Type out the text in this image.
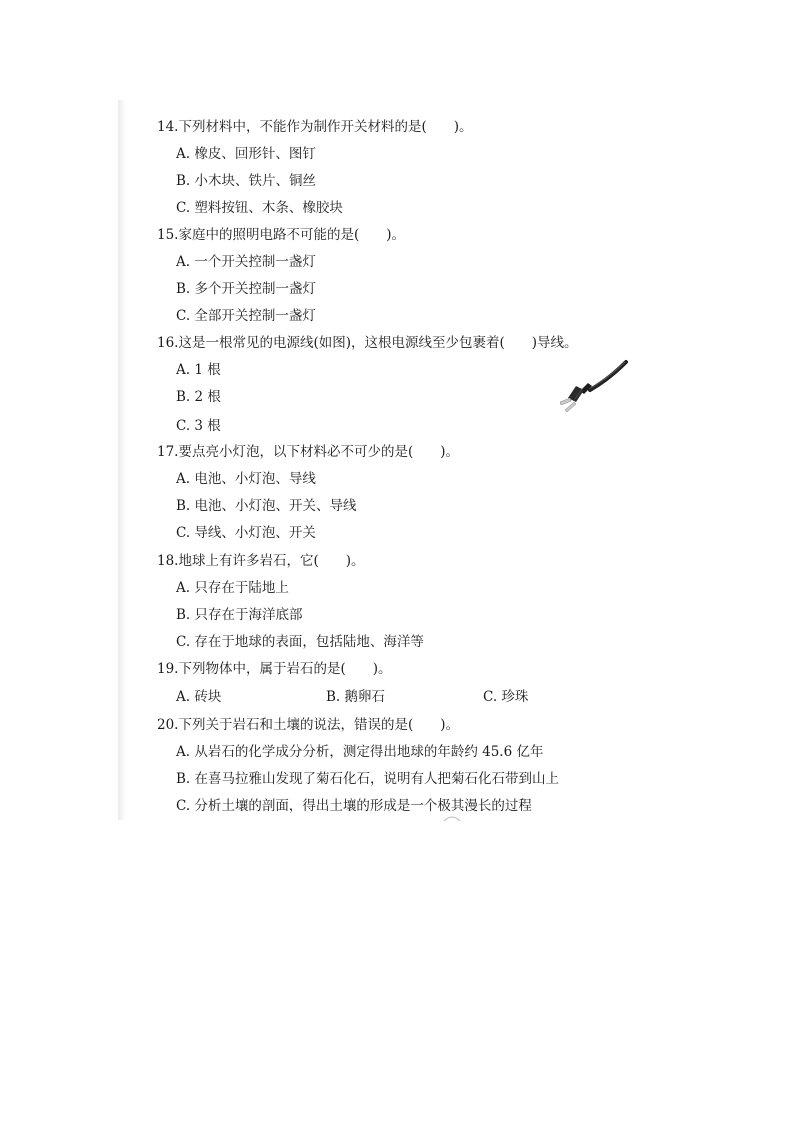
14.下列材料中，不能作为制作开关材料的是(　　)。
A. 橡皮、回形针、图钉
B. 小木块、铁片、铜丝
C. 塑料按钮、木条、橡胶块
15.家庭中的照明电路不可能的是(　　)。
A. 一个开关控制一盏灯
B. 多个开关控制一盏灯
C. 全部开关控制一盏灯
16.这是一根常见的电源线(如图)，这根电源线至少包裹着(　　)导线。
A. 1 根
B. 2 根
C. 3 根
17.要点亮小灯泡，以下材料必不可少的是(　　)。
A. 电池、小灯泡、导线
B. 电池、小灯泡、开关、导线
C. 导线、小灯泡、开关
18.地球上有许多岩石，它(　　)。
A. 只存在于陆地上
B. 只存在于海洋底部
C. 存在于地球的表面，包括陆地、海洋等
19.下列物体中，属于岩石的是(　　)。
A. 砖块	B. 鹅卵石	C. 珍珠
20.下列关于岩石和土壤的说法，错误的是(　　)。
A. 从岩石的化学成分分析，测定得出地球的年龄约 45.6 亿年
B. 在喜马拉雅山发现了菊石化石，说明有人把菊石化石带到山上
C. 分析土壤的剖面，得出土壤的形成是一个极其漫长的过程
